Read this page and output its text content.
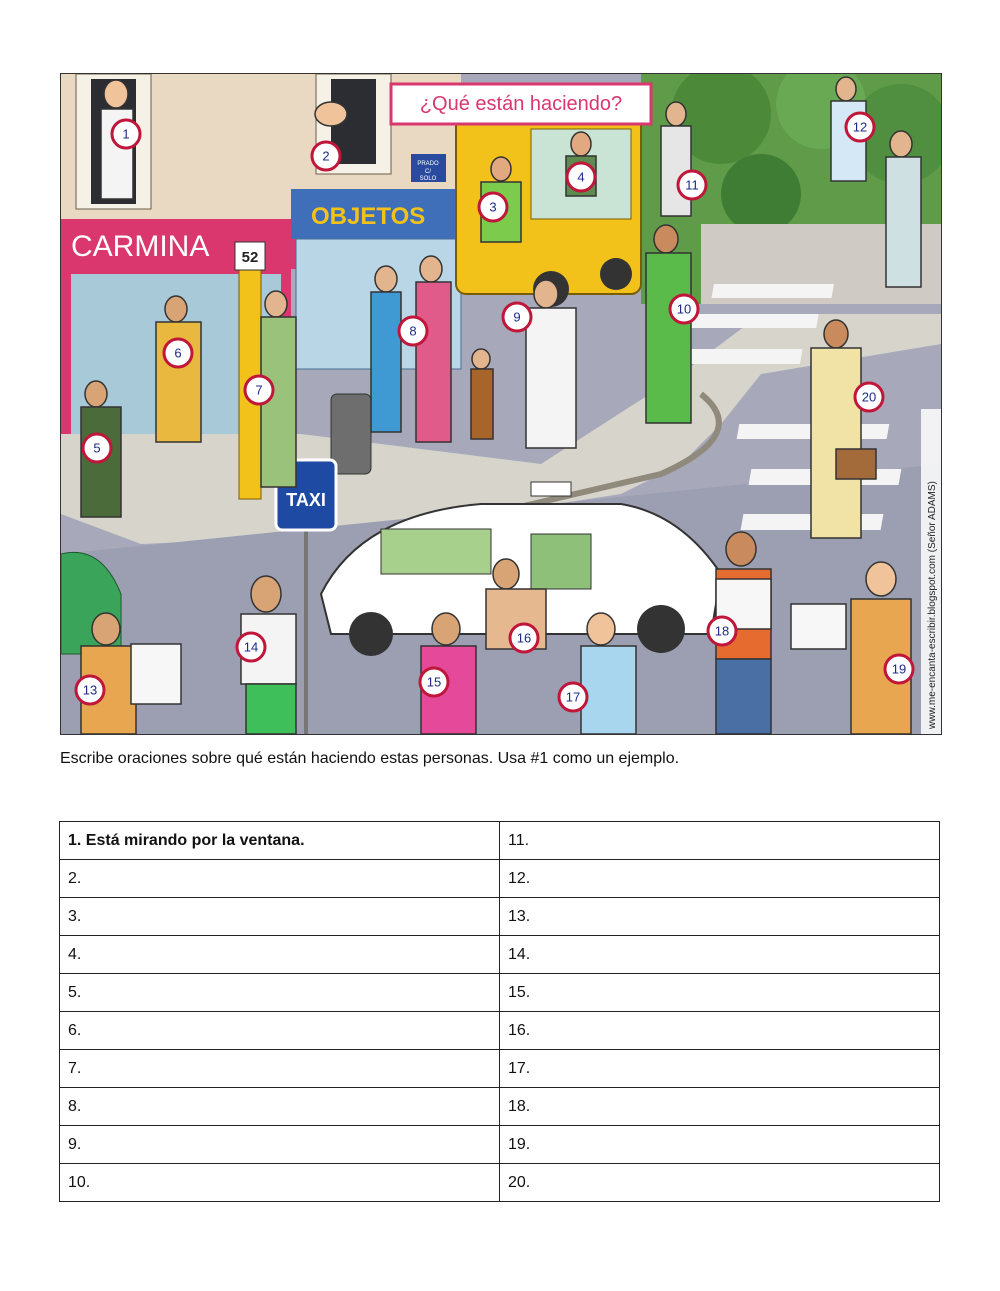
CARMINA
OBJETOS
PRADO
C/
SOLO
¿Qué están haciendo?
52
TAXI
1
2
3
4
5
6
7
8
9
10
11
12
13
14
15
16
17
18
19
20
www.me-encanta-escribir.blogspot.com (Señor ADAMS)
Escribe oraciones sobre qué están haciendo estas personas. Usa #1 como un ejemplo.
1. Está mirando por la ventana.	11.
2.	12.
3.	13.
4.	14.
5.	15.
6.	16.
7.	17.
8.	18.
9.	19.
10.	20.
